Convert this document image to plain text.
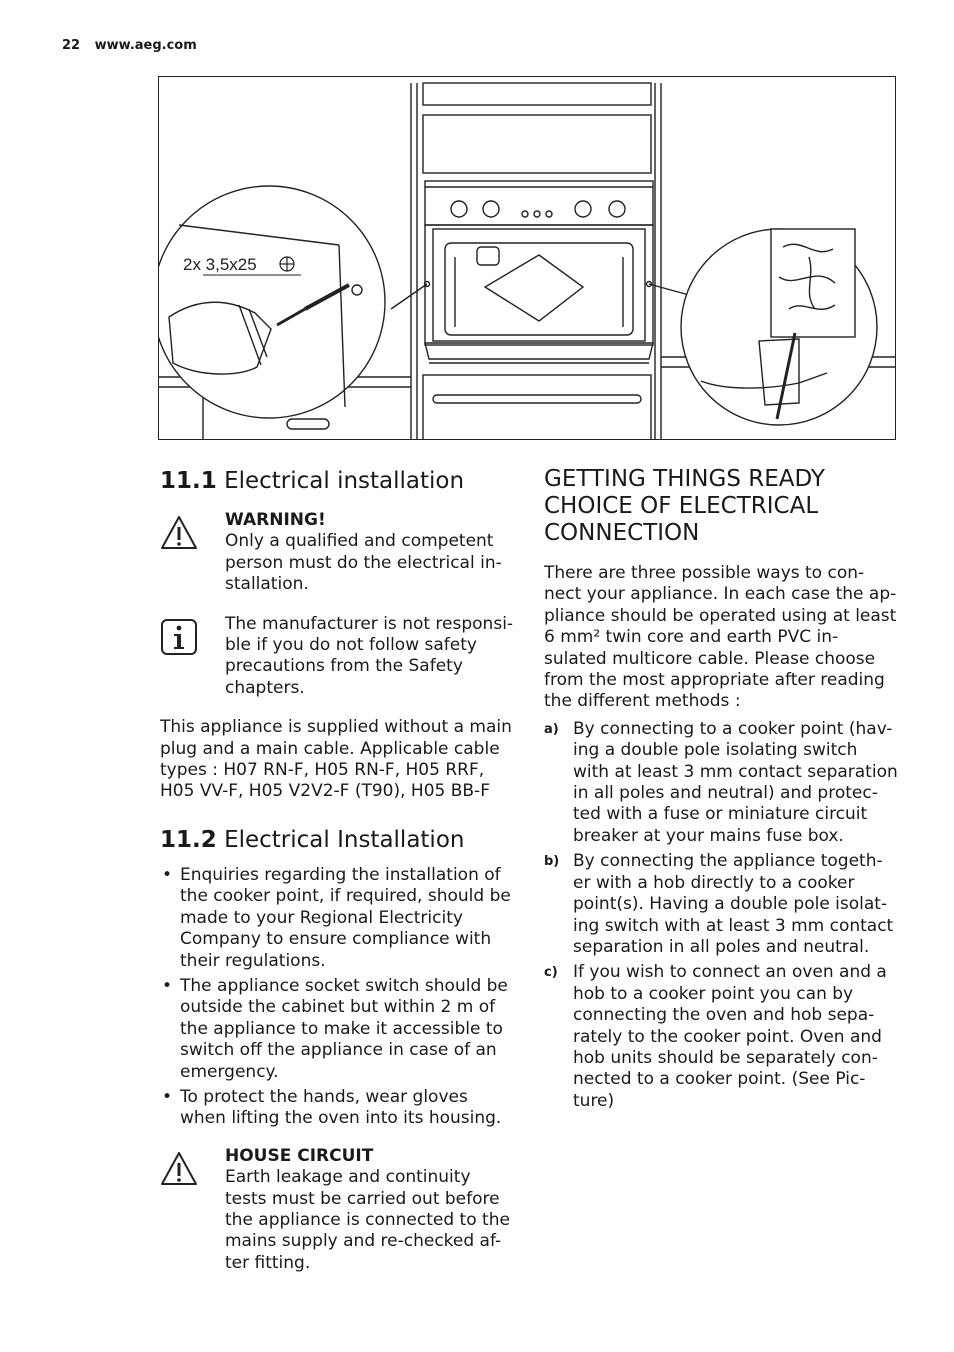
22 www.aeg.com
2x 3,5x25
11.1 Electrical installation
WARNING!
Only a qualified and competent person must do the electrical in-stallation.
The manufacturer is not responsi-ble if you do not follow safety precautions from the Safety chapters.

This appliance is supplied without a main plug and a main cable. Applicable cable types : H07 RN-F, H05 RN-F, H05 RRF, H05 VV-F, H05 V2V2-F (T90), H05 BB-F

11.2 Electrical Installation
• Enquiries regarding the installation of the cooker point, if required, should be made to your Regional Electricity Company to ensure compliance with their regulations.
• The appliance socket switch should be outside the cabinet but within 2 m of the appliance to make it accessible to switch off the appliance in case of an emergency.
• To protect the hands, wear gloves when lifting the oven into its housing.
HOUSE CIRCUIT
Earth leakage and continuity tests must be carried out before the appliance is connected to the mains supply and re-checked af-ter fitting.
GETTING THINGS READY CHOICE OF ELECTRICAL CONNECTION

There are three possible ways to con-nect your appliance. In each case the ap-pliance should be operated using at least 6 mm² twin core and earth PVC in-sulated multicore cable. Please choose from the most appropriate after reading the different methods :

a) By connecting to a cooker point (hav-ing a double pole isolating switch with at least 3 mm contact separation in all poles and neutral) and protec-ted with a fuse or miniature circuit breaker at your mains fuse box.
b) By connecting the appliance togeth-er with a hob directly to a cooker point(s). Having a double pole isolat-ing switch with at least 3 mm contact separation in all poles and neutral.
c) If you wish to connect an oven and a hob to a cooker point you can by connecting the oven and hob sepa-rately to the cooker point. Oven and hob units should be separately con-nected to a cooker point. (See Pic-ture)
